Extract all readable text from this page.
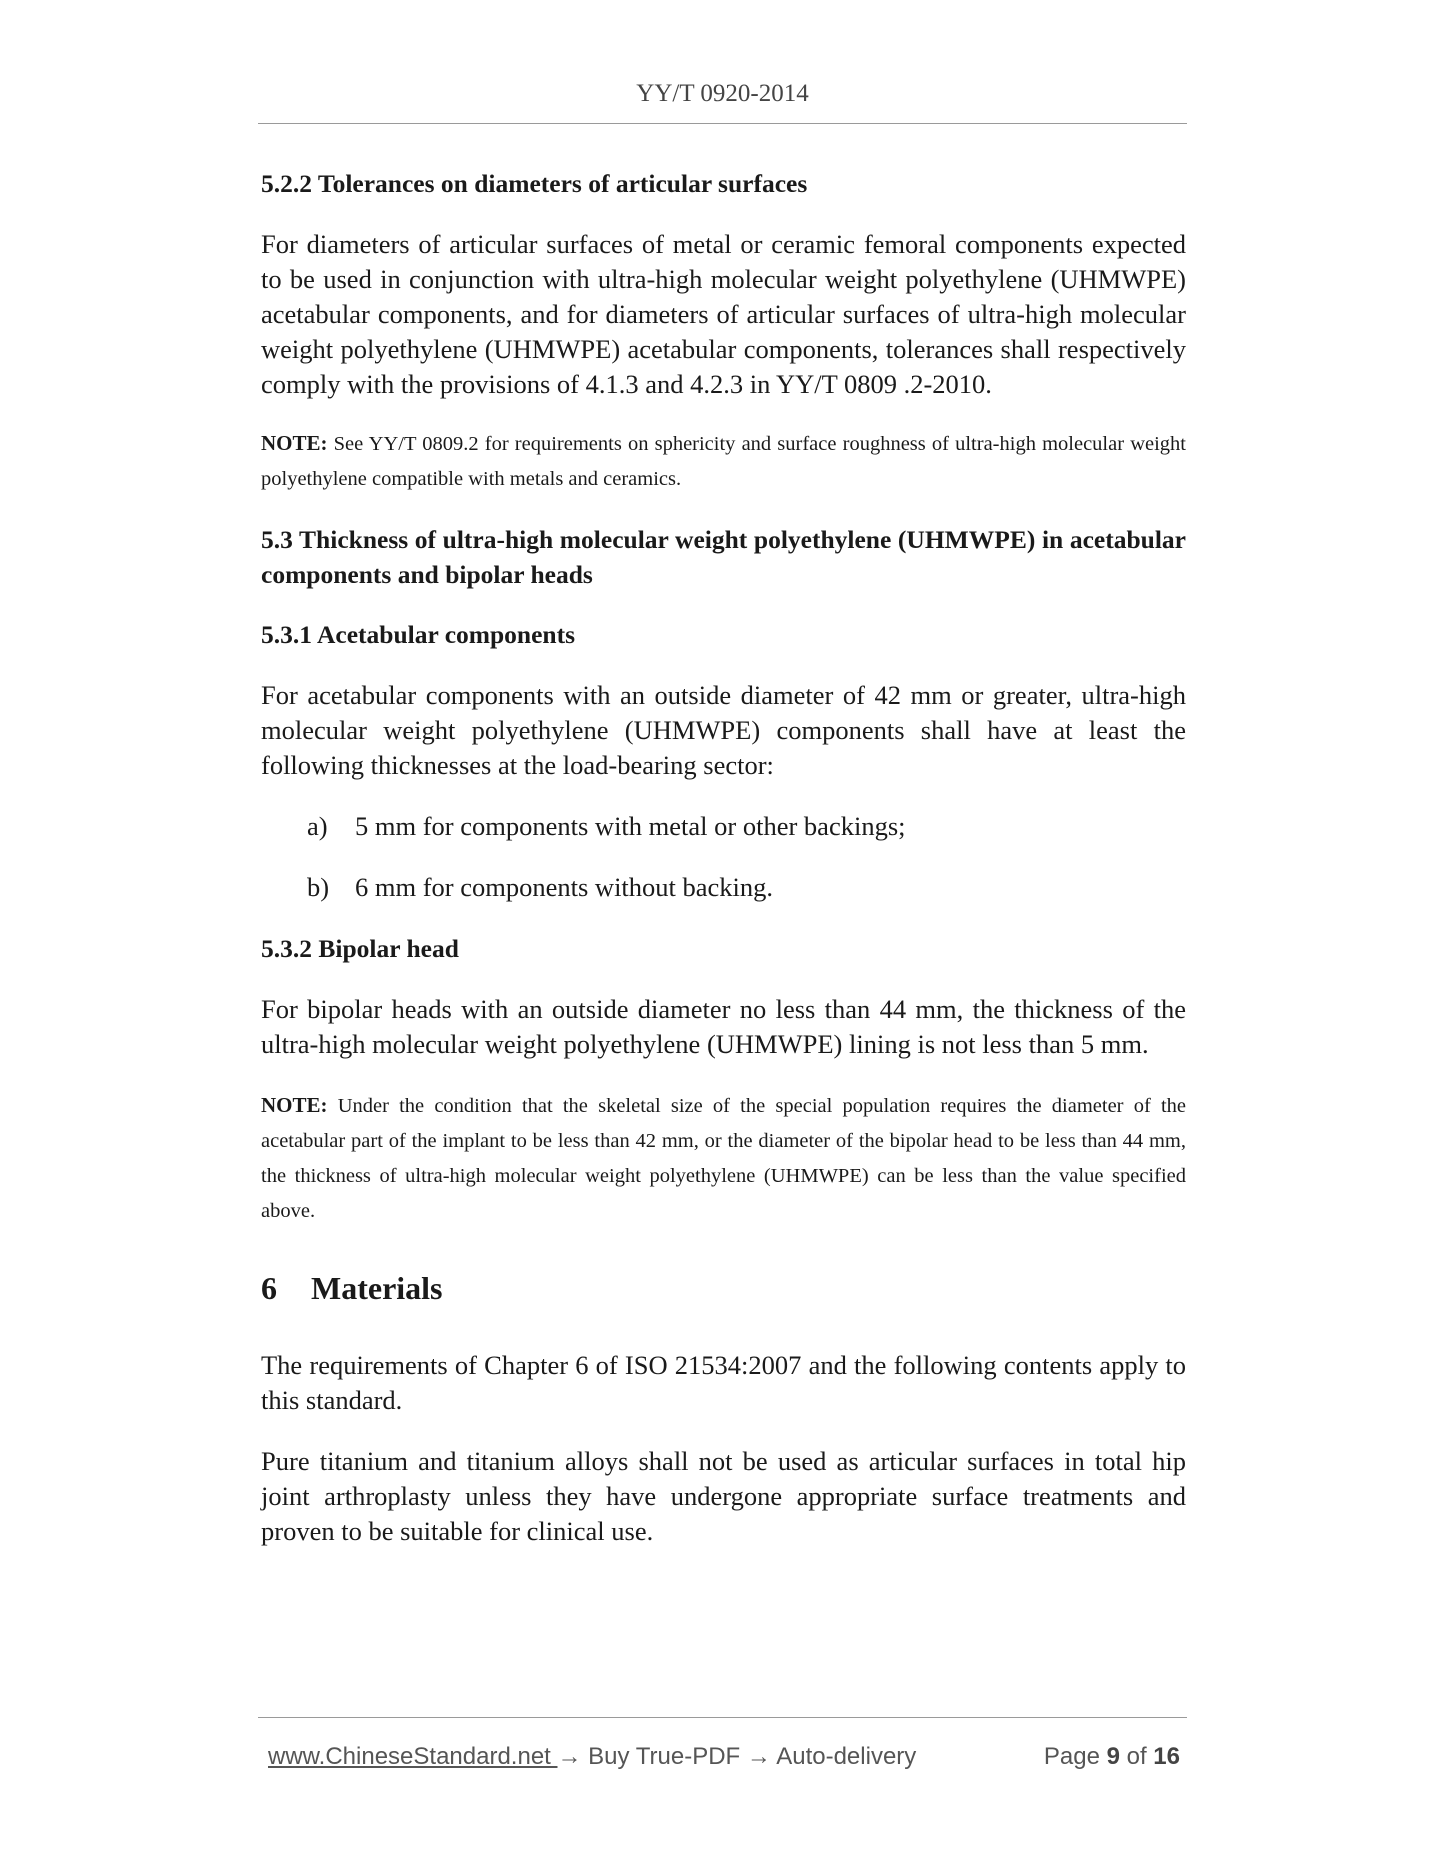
YY/T 0920-2014
5.2.2 Tolerances on diameters of articular surfaces

For diameters of articular surfaces of metal or ceramic femoral components expected to be used in conjunction with ultra-high molecular weight polyethylene (UHMWPE) acetabular components, and for diameters of articular surfaces of ultra-high molecular weight polyethylene (UHMWPE) acetabular components, tolerances shall respectively comply with the provisions of 4.1.3 and 4.2.3 in YY/T 0809 .2-2010.

NOTE: See YY/T 0809.2 for requirements on sphericity and surface roughness of ultra-high molecular weight polyethylene compatible with metals and ceramics.

5.3 Thickness of ultra-high molecular weight polyethylene (UHMWPE) in acetabular components and bipolar heads
5.3.1 Acetabular components

For acetabular components with an outside diameter of 42 mm or greater, ultra-high molecular weight polyethylene (UHMWPE) components shall have at least the following thicknesses at the load-bearing sector:

a) 5 mm for components with metal or other backings;

b) 6 mm for components without backing.

5.3.2 Bipolar head

For bipolar heads with an outside diameter no less than 44 mm, the thickness of the ultra-high molecular weight polyethylene (UHMWPE) lining is not less than 5 mm.

NOTE: Under the condition that the skeletal size of the special population requires the diameter of the acetabular part of the implant to be less than 42 mm, or the diameter of the bipolar head to be less than 44 mm, the thickness of ultra-high molecular weight polyethylene (UHMWPE) can be less than the value specified above.

6 Materials

The requirements of Chapter 6 of ISO 21534:2007 and the following contents apply to this standard.

Pure titanium and titanium alloys shall not be used as articular surfaces in total hip joint arthroplasty unless they have undergone appropriate surface treatments and proven to be suitable for clinical use.

www.ChineseStandard.net → Buy True-PDF → Auto-delivery	Page 9 of 16
